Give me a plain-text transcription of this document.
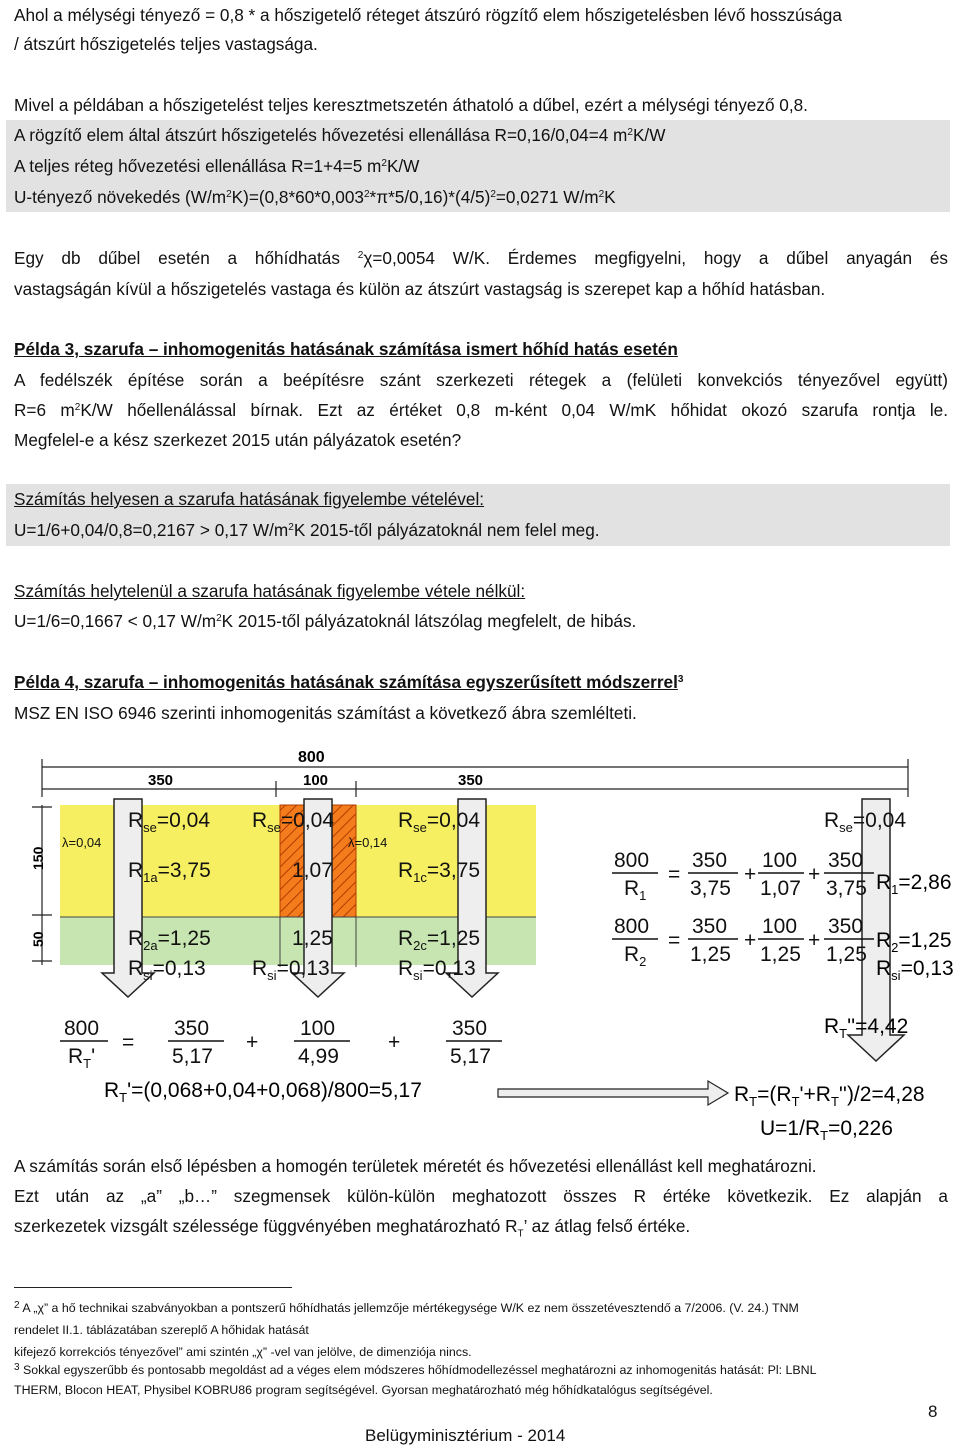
Ahol a mélységi tényező = 0,8 * a hőszigetelő réteget átszúró rögzítő elem hőszigetelésben lévő hosszúsága
/ átszúrt hőszigetelés teljes vastagsága.
Mivel a példában a hőszigetelést teljes keresztmetszetén áthatoló a dűbel, ezért a mélységi tényező 0,8.
A rögzítő elem által átszúrt hőszigetelés hővezetési ellenállása R=0,16/0,04=4 $m^2K/W$
A teljes réteg hővezetési ellenállása R=1+4=5 $m^2K/W$
U-tényező növekedés $(W/m^2K)=(0,8*60*0,003^2*\pi*5/0,16)*(4/5)^2=0,0271$ $W/m^2K$
Egy db dűbel esetén a hőhídhatás $^2$χ=0,0054 W/K. Érdemes megfigyelni, hogy a dűbel anyagán és
vastagságán kívül a hőszigetelés vastaga és külön az átszúrt vastagság is szerepet kap a hőhíd hatásban.
Példa 3, szarufa – inhomogenitás hatásának számítása ismert hőhíd hatás esetén
A fedélszék építése során a beépítésre szánt szerkezeti rétegek a (felületi konvekciós tényezővel együtt)
R=6 $m^2K/W$ hőellenálással bírnak. Ezt az értéket 0,8 m-ként 0,04 W/mK hőhidat okozó szarufa rontja le.
Megfelel-e a kész szerkezet 2015 után pályázatok esetén?
Számítás helyesen a szarufa hatásának figyelembe vételével:
U=1/6+0,04/0,8=0,2167 > 0,17 $W/m^2K$ 2015-től pályázatoknál nem felel meg.
Számítás helytelenül a szarufa hatásának figyelembe vétele nélkül:
U=1/6=0,1667 < 0,17 $W/m^2K$ 2015-től pályázatoknál látszólag megfelelt, de hibás.
Példa 4, szarufa – inhomogenitás hatásának számítása egyszerűsített módszerrel$^3$
MSZ EN ISO 6946 szerinti inhomogenitás számítást a következő ábra szemlélteti.
800
350	100	350
150
50
$R_{se}=0,04$ $R_{se}=0,04$	$R_{se}=0,04$	$R_{se}=0,04$
λ=0,04	λ=0,14
$R_{1a}=3,75$	1,07	$R_{1c}=3,75$
$R_{2a}=1,25$	1,25	$R_{2c}=1,25$
$R_{si}=0,13$ $R_{si}=0,13$	$R_{si}=0,13$
800
$R_1$
=
350
3,75
+
100
1,07
+
350
3,75 $R_1=2,86$
800
$R_2$
=
350
1,25
+
100
1,25
+
350
1,25
$R_2=1,25$
$R_{si}=0,13$
$R_T''=4,42$
800
$R_T'$
=
350
5,17
+
100
4,99
+
350
5,17
$R_T'=(0,068+0,04+0,068)/800=5,17$	$R_T=(R_T'+R_T'')/2=4,28$
$U=1/R_T=0,226$
A számítás során első lépésben a homogén területek méretét és hővezetési ellenállást kell meghatározni.
Ezt után az „a” „b…” szegmensek külön-külön meghatozott összes R értéke következik. Ez alapján a
szerkezetek vizsgált szélessége függvényében meghatározható $R_T$’ az átlag felső értéke.
$^2$ A „χ” a hő technikai szabványokban a pontszerű hőhídhatás jellemzője mértékegysége W/K ez nem összetévesztendő a 7/2006. (V. 24.) TNM
rendelet II.1. táblázatában szereplő A hőhidak hatását
kifejező korrekciós tényezővel” ami szintén „χ” -vel van jelölve, de dimenziója nincs.
$^3$ Sokkal egyszerűbb és pontosabb megoldást ad a véges elem módszeres hőhídmodellezéssel meghatározni az inhomogenitás hatását: Pl: LBNL
THERM, Blocon HEAT, Physibel KOBRU86 program segítségével. Gyorsan meghatározható még hőhídkatalógus segítségével.
8
Belügyminisztérium - 2014
